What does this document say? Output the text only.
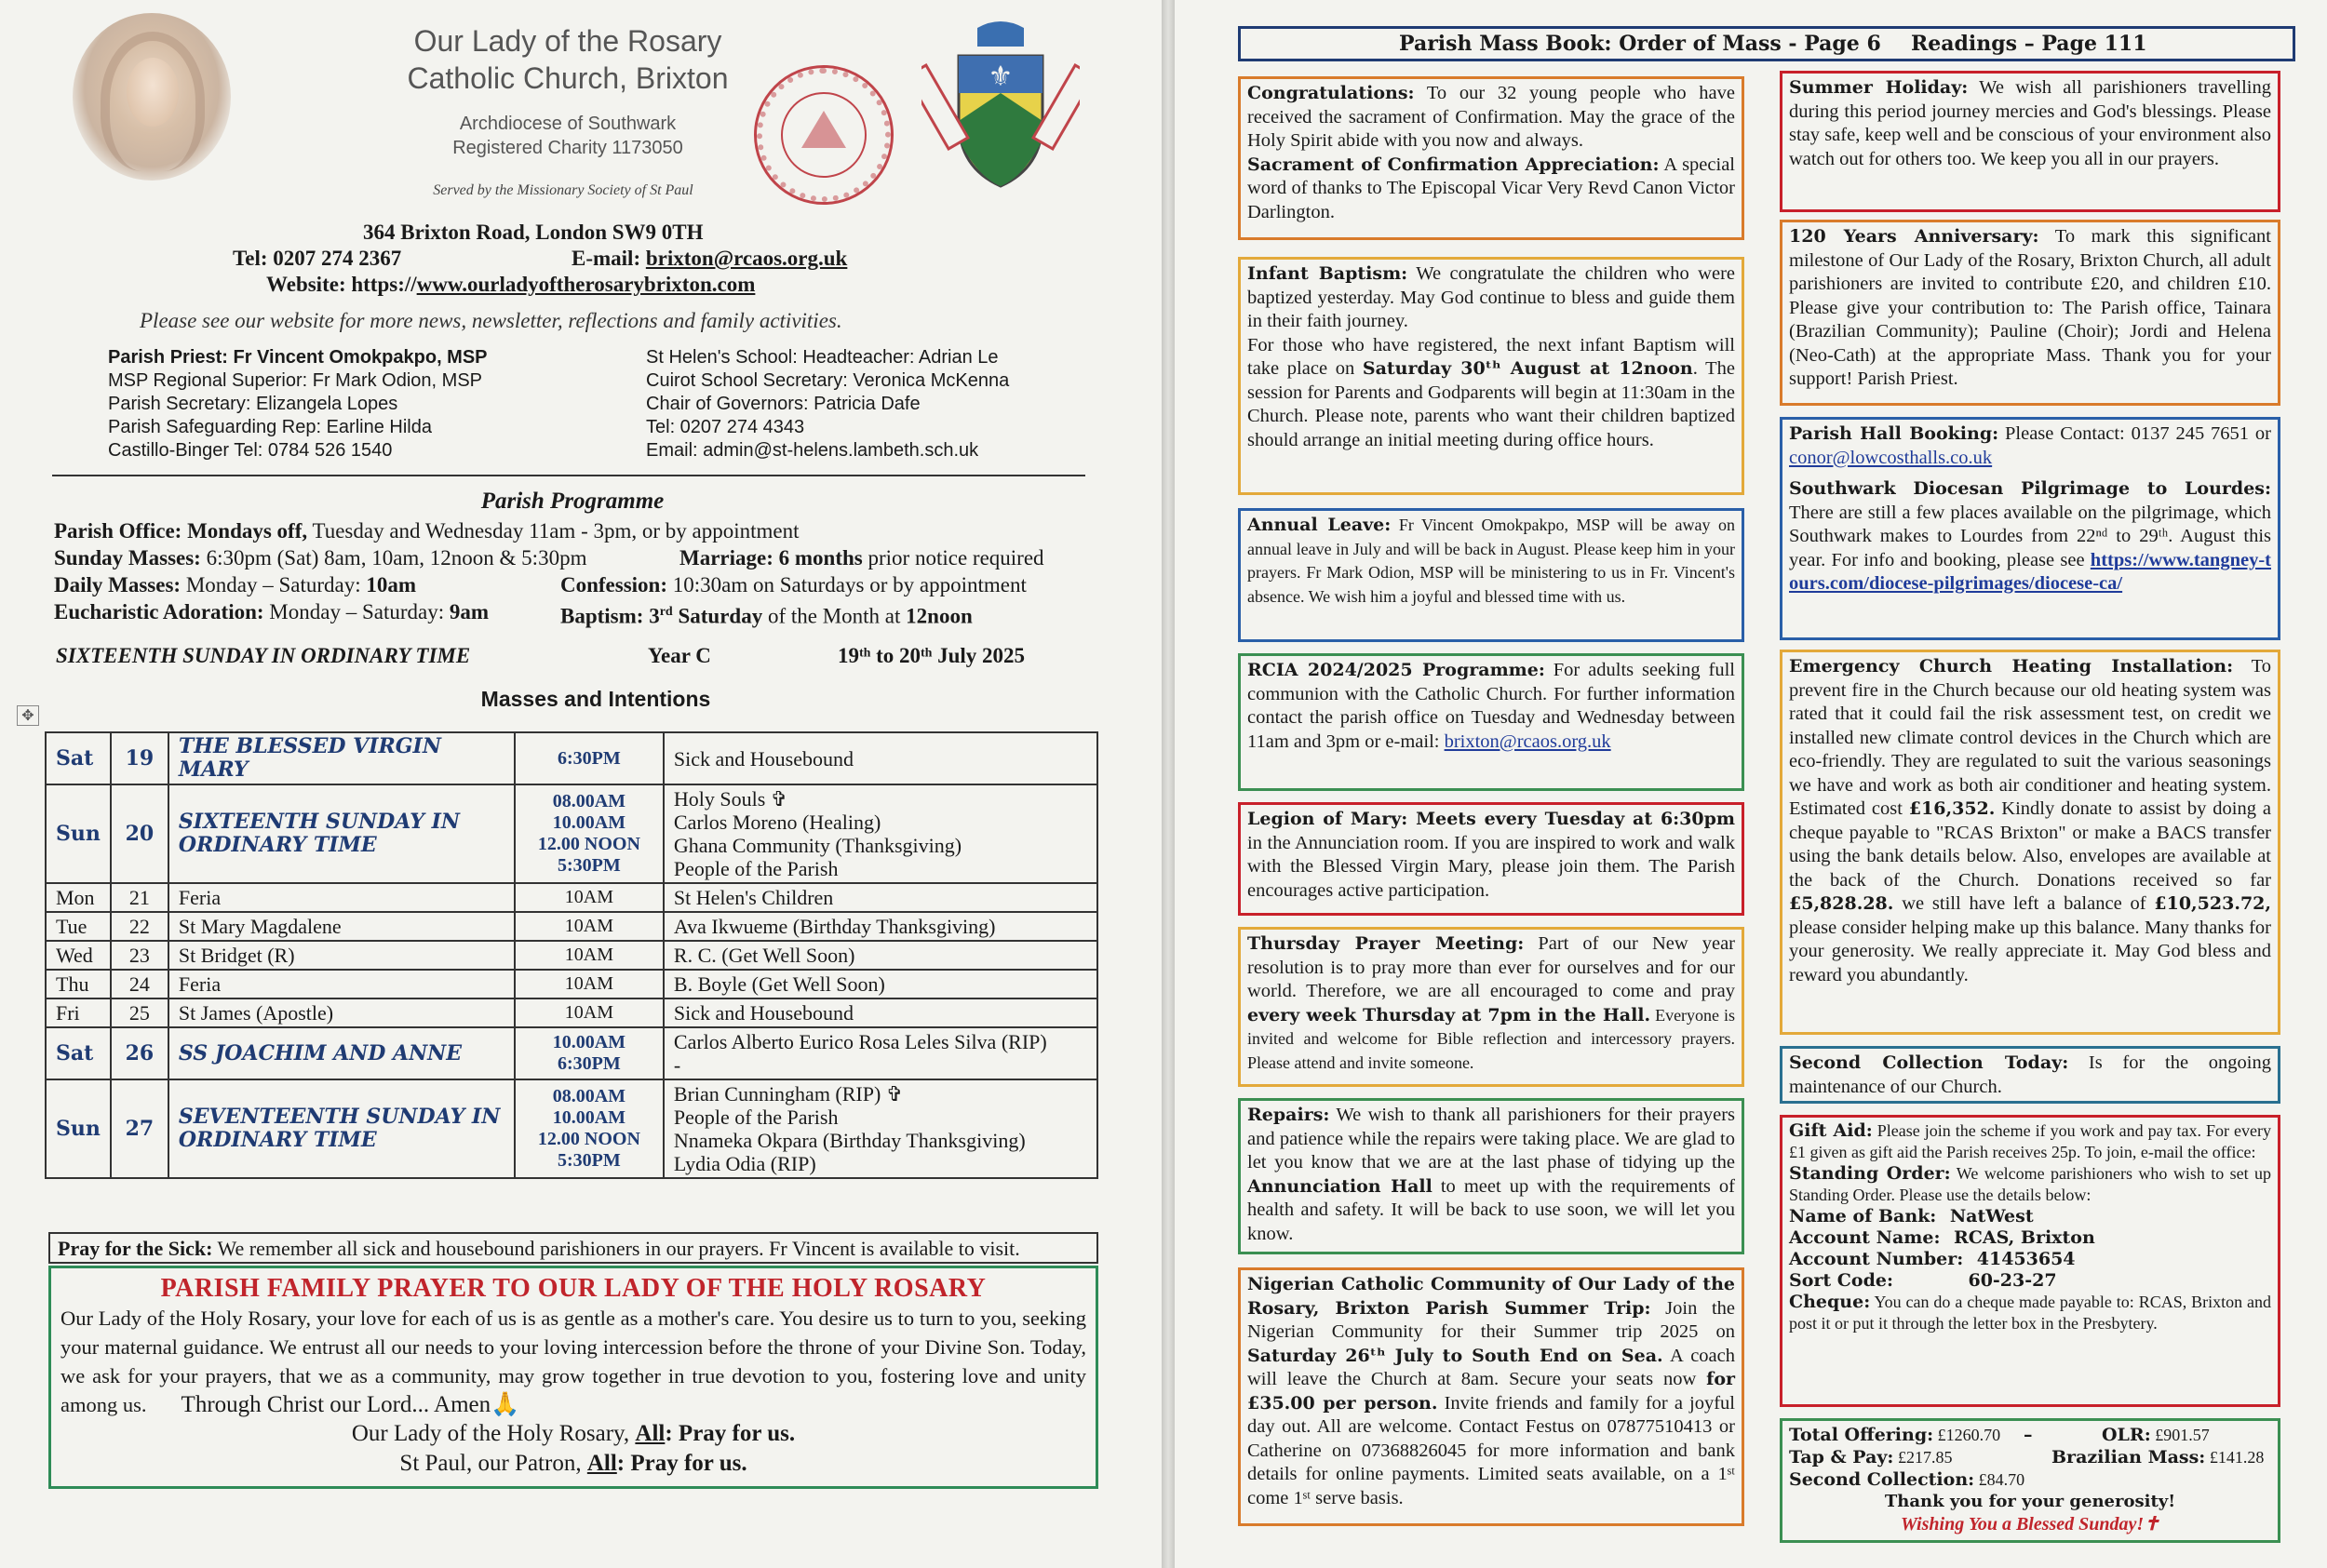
Our Lady of the Rosary
Catholic Church, Brixton
Archdiocese of Southwark
Registered Charity 1173050
Served by the Missionary Society of St Paul
⚜
364 Brixton Road, London SW9 0TH
Tel: 0207 274 2367	E-mail: brixton@rcaos.org.uk
Website: https://www.ourladyoftherosarybrixton.com
Please see our website for more news, newsletter, reflections and family activities.
Parish Priest: Fr Vincent Omokpakpo, MSP
MSP Regional Superior: Fr Mark Odion, MSP
Parish Secretary: Elizangela Lopes
Parish Safeguarding Rep: Earline Hilda
Castillo-Binger Tel: 0784 526 1540
St Helen's School: Headteacher: Adrian Le
Cuirot School Secretary: Veronica McKenna
Chair of Governors: Patricia Dafe
Tel: 0207 274 4343
Email: admin@st-helens.lambeth.sch.uk
Parish Programme
Parish Office: Mondays off, Tuesday and Wednesday 11am - 3pm, or by appointment
Sunday Masses: 6:30pm (Sat) 8am, 10am, 12noon & 5:30pm	Marriage: 6 months prior notice required
Daily Masses: Monday – Saturday: 10am	Confession: 10:30am on Saturdays or by appointment
Eucharistic Adoration: Monday – Saturday: 9am	Baptism: 3rd Saturday of the Month at 12noon
SIXTEENTH SUNDAY IN ORDINARY TIME	Year C	19ᵗʰ to 20ᵗʰ July 2025
Masses and Intentions
✥
Sat	19	THE BLESSED VIRGIN MARY	6:30PM	Sick and Housebound
Sun	20	SIXTEENTH SUNDAY IN ORDINARY TIME	08.00AM
10.00AM
12.00 NOON
5:30PM	Holy Souls ✞
Carlos Moreno (Healing)
Ghana Community (Thanksgiving)
People of the Parish
Mon	21	Feria	10AM	St Helen's Children
Tue	22	St Mary Magdalene	10AM	Ava Ikwueme (Birthday Thanksgiving)
Wed	23	St Bridget (R)	10AM	R. C. (Get Well Soon)
Thu	24	Feria	10AM	B. Boyle (Get Well Soon)
Fri	25	St James (Apostle)	10AM	Sick and Housebound
Sat	26	SS JOACHIM AND ANNE	10.00AM
6:30PM	Carlos Alberto Eurico Rosa Leles Silva (RIP)
-
Sun	27	SEVENTEENTH SUNDAY IN ORDINARY TIME	08.00AM
10.00AM
12.00 NOON
5:30PM	Brian Cunningham (RIP) ✞
People of the Parish
Nnameka Okpara (Birthday Thanksgiving)
Lydia Odia (RIP)
Pray for the Sick: We remember all sick and housebound parishioners in our prayers. Fr Vincent is available to visit.
PARISH FAMILY PRAYER TO OUR LADY OF THE HOLY ROSARY
Our Lady of the Holy Rosary, your love for each of us is as gentle as a mother's care. You desire us to turn to you, seeking your maternal guidance. We entrust all our needs to your loving intercession before the throne of your Divine Son. Today, we ask for your prayers, that we as a community, may grow together in true devotion to you, fostering love and unity among us.      Through Christ our Lord... Amen🙏
Our Lady of the Holy Rosary, All: Pray for us.
St Paul, our Patron, All: Pray for us.
Parish Mass Book: Order of Mass - Page 6 Readings – Page 111
Congratulations: To our 32 young people who have received the sacrament of Confirmation. May the grace of the Holy Spirit abide with you now and always.
Sacrament of Confirmation Appreciation: A special word of thanks to The Episcopal Vicar Very Revd Canon Victor Darlington.
Infant Baptism: We congratulate the children who were baptized yesterday. May God continue to bless and guide them in their faith journey.
For those who have registered, the next infant Baptism will take place on Saturday 30ᵗʰ August at 12noon. The session for Parents and Godparents will begin at 11:30am in the Church. Please note, parents who want their children baptized should arrange an initial meeting during office hours.
Annual Leave: Fr Vincent Omokpakpo, MSP will be away on annual leave in July and will be back in August. Please keep him in your prayers. Fr Mark Odion, MSP will be ministering to us in Fr. Vincent's absence. We wish him a joyful and blessed time with us.
RCIA 2024/2025 Programme: For adults seeking full communion with the Catholic Church. For further information contact the parish office on Tuesday and Wednesday between 11am and 3pm or e-mail: brixton@rcaos.org.uk
Legion of Mary: Meets every Tuesday at 6:30pm in the Annunciation room. If you are inspired to work and walk with the Blessed Virgin Mary, please join them. The Parish encourages active participation.
Thursday Prayer Meeting: Part of our New year resolution is to pray more than ever for ourselves and for our world. Therefore, we are all encouraged to come and pray every week Thursday at 7pm in the Hall. Everyone is invited and welcome for Bible reflection and intercessory prayers. Please attend and invite someone.
Repairs: We wish to thank all parishioners for their prayers and patience while the repairs were taking place. We are glad to let you know that we are at the last phase of tidying up the Annunciation Hall to meet up with the requirements of health and safety. It will be back to use soon, we will let you know.
Nigerian Catholic Community of Our Lady of the Rosary, Brixton Parish Summer Trip: Join the Nigerian Community for their Summer trip 2025 on Saturday 26ᵗʰ July to South End on Sea. A coach will leave the Church at 8am. Secure your seats now for £35.00 per person. Invite friends and family for a joyful day out. All are welcome. Contact Festus on 07877510413 or Catherine on 07368826045 for more information and bank details for online payments. Limited seats available, on a 1ˢᵗ come 1ˢᵗ serve basis.
Summer Holiday: We wish all parishioners travelling during this period journey mercies and God's blessings. Please stay safe, keep well and be conscious of your environment also watch out for others too. We keep you all in our prayers.
120 Years Anniversary: To mark this significant milestone of Our Lady of the Rosary, Brixton Church, all adult parishioners are invited to contribute £20, and children £10. Please give your contribution to: The Parish office, Tainara (Brazilian Community); Pauline (Choir); Jordi and Helena (Neo-Cath) at the appropriate Mass. Thank you for your support! Parish Priest.
Parish Hall Booking: Please Contact: 0137 245 7651 or conor@lowcosthalls.co.uk

Southwark Diocesan Pilgrimage to Lourdes: There are still a few places available on the pilgrimage, which Southwark makes to Lourdes from 22ⁿᵈ to 29ᵗʰ. August this year. For info and booking, please see https://www.tangney-tours.com/diocese-pilgrimages/diocese-ca/
Emergency Church Heating Installation: To prevent fire in the Church because our old heating system was rated that it could fail the risk assessment test, on credit we installed new climate control devices in the Church which are eco-friendly. They are regulated to suit the various seasonings we have and work as both air conditioner and heating system. Estimated cost £16,352. Kindly donate to assist by doing a cheque payable to "RCAS Brixton" or make a BACS transfer using the bank details below. Also, envelopes are available at the back of the Church. Donations received so far £5,828.28. we still have left a balance of £10,523.72, please consider helping make up this balance. Many thanks for your generosity. We really appreciate it. May God bless and reward you abundantly.
Second Collection Today: Is for the ongoing maintenance of our Church.
Gift Aid: Please join the scheme if you work and pay tax. For every £1 given as gift aid the Parish receives 25p. To join, e-mail the office:
Standing Order: We welcome parishioners who wish to set up Standing Order. Please use the details below:
Name of Bank: NatWest
Account Name: RCAS, Brixton
Account Number: 41453654
Sort Code:	60-23-27
Cheque: You can do a cheque made payable to: RCAS, Brixton and post it or put it through the letter box in the Presbytery.
Total Offering: £1260.70 –	OLR: £901.57
Tap & Pay: £217.85	Brazilian Mass: £141.28
Second Collection: £84.70
Thank you for your generosity!
Wishing You a Blessed Sunday!✝
